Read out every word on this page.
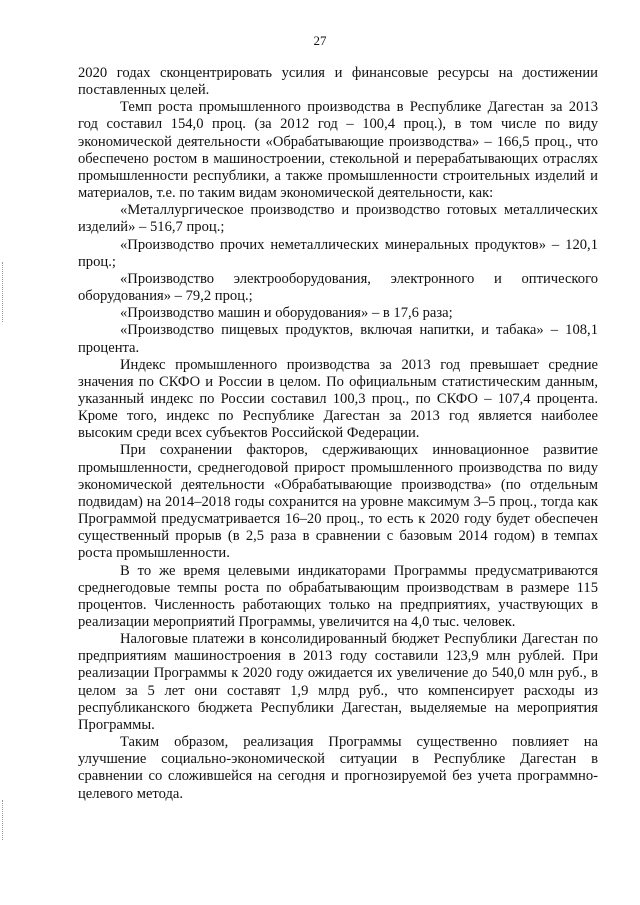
27

2020 годах сконцентрировать усилия и финансовые ресурсы на достижении поставленных целей.

Темп роста промышленного производства в Республике Дагестан за 2013 год составил 154,0 проц. (за 2012 год – 100,4 проц.), в том числе по виду экономической деятельности «Обрабатывающие производства» – 166,5 проц., что обеспечено ростом в машиностроении, стекольной и перерабатывающих отраслях промышленности республики, а также промышленности строительных изделий и материалов, т.е. по таким видам экономической деятельности, как:

«Металлургическое производство и производство готовых металлических изделий» – 516,7 проц.;

«Производство прочих неметаллических минеральных продуктов» – 120,1 проц.;

«Производство электрооборудования, электронного и оптического оборудования» – 79,2 проц.;

«Производство машин и оборудования» – в 17,6 раза;

«Производство пищевых продуктов, включая напитки, и табака» – 108,1 процента.

Индекс промышленного производства за 2013 год превышает средние значения по СКФО и России в целом. По официальным статистическим данным, указанный индекс по России составил 100,3 проц., по СКФО – 107,4 процента. Кроме того, индекс по Республике Дагестан за 2013 год является наиболее высоким среди всех субъектов Российской Федерации.

При сохранении факторов, сдерживающих инновационное развитие промышленности, среднегодовой прирост промышленного производства по виду экономической деятельности «Обрабатывающие производства» (по отдельным подвидам) на 2014–2018 годы сохранится на уровне максимум 3–5 проц., тогда как Программой предусматривается 16–20 проц., то есть к 2020 году будет обеспечен существенный прорыв (в 2,5 раза в сравнении с базовым 2014 годом) в темпах роста промышленности.

В то же время целевыми индикаторами Программы предусматриваются среднегодовые темпы роста по обрабатывающим производствам в размере 115 процентов. Численность работающих только на предприятиях, участвующих в реализации мероприятий Программы, увеличится на 4,0 тыс. человек.

Налоговые платежи в консолидированный бюджет Республики Дагестан по предприятиям машиностроения в 2013 году составили 123,9 млн рублей. При реализации Программы к 2020 году ожидается их увеличение до 540,0 млн руб., в целом за 5 лет они составят 1,9 млрд руб., что компенсирует расходы из республиканского бюджета Республики Дагестан, выделяемые на мероприятия Программы.

Таким образом, реализация Программы существенно повлияет на улучшение социально-экономической ситуации в Республике Дагестан в сравнении со сложившейся на сегодня и прогнозируемой без учета программно-целевого метода.
